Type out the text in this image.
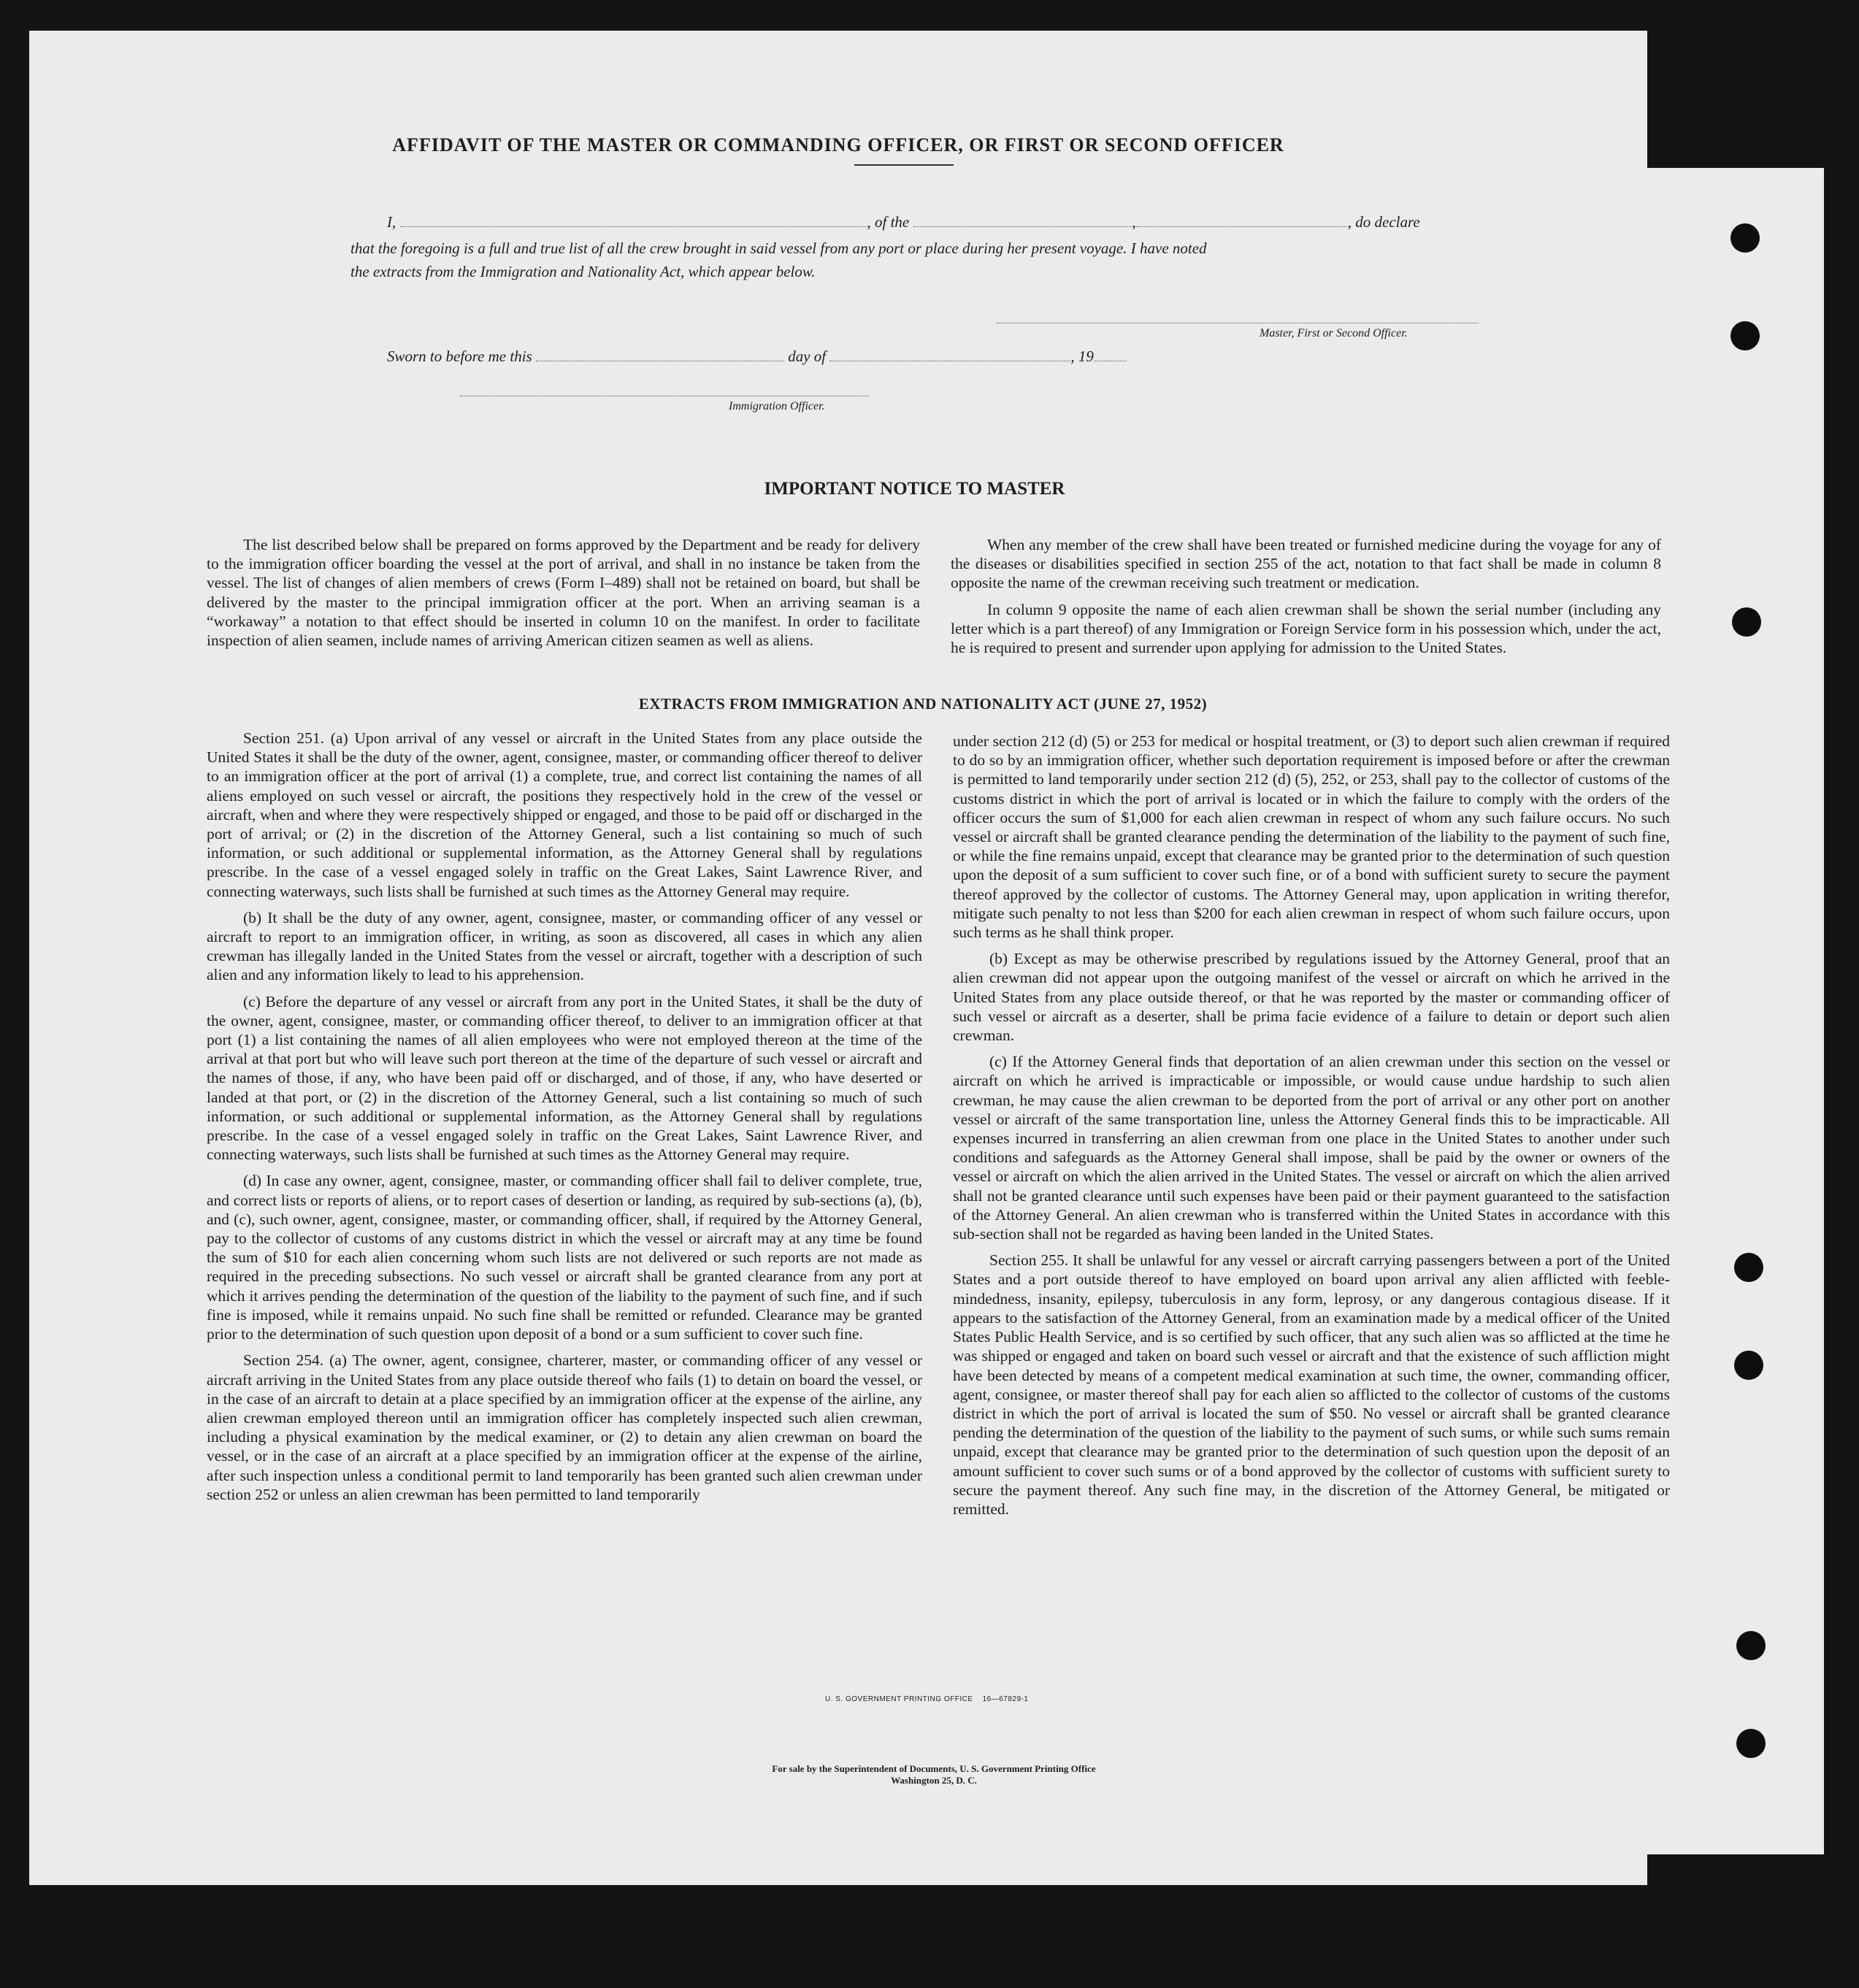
AFFIDAVIT OF THE MASTER OR COMMANDING OFFICER, OR FIRST OR SECOND OFFICER
I,	, of the	,	, do declare
that the foregoing is a full and true list of all the crew brought in said vessel from any port or place during her present voyage. I have noted
the extracts from the Immigration and Nationality Act, which appear below.
Master, First or Second Officer.
Sworn to before me this	day of	, 19
Immigration Officer.
IMPORTANT NOTICE TO MASTER

The list described below shall be prepared on forms approved by the Department and be ready for delivery to the immigration officer boarding the vessel at the port of arrival, and shall in no instance be taken from the vessel. The list of changes of alien members of crews (Form I–489) shall not be retained on board, but shall be delivered by the master to the principal immigration officer at the port. When an arriving seaman is a “workaway” a notation to that effect should be inserted in column 10 on the manifest. In order to facilitate inspection of alien seamen, include names of arriving American citizen seamen as well as aliens.

When any member of the crew shall have been treated or furnished medicine during the voyage for any of the diseases or disabilities specified in section 255 of the act, notation to that fact shall be made in column 8 opposite the name of the crewman receiving such treatment or medication.

In column 9 opposite the name of each alien crewman shall be shown the serial number (including any letter which is a part thereof) of any Immigration or Foreign Service form in his possession which, under the act, he is required to present and surrender upon applying for admission to the United States.

EXTRACTS FROM IMMIGRATION AND NATIONALITY ACT (JUNE 27, 1952)

Section 251. (a) Upon arrival of any vessel or aircraft in the United States from any place outside the United States it shall be the duty of the owner, agent, consignee, master, or commanding officer thereof to deliver to an immigration officer at the port of arrival (1) a complete, true, and correct list containing the names of all aliens employed on such vessel or aircraft, the positions they respectively hold in the crew of the vessel or aircraft, when and where they were respectively shipped or engaged, and those to be paid off or discharged in the port of arrival; or (2) in the discretion of the Attorney General, such a list containing so much of such information, or such additional or supplemental information, as the Attorney General shall by regulations prescribe. In the case of a vessel engaged solely in traffic on the Great Lakes, Saint Lawrence River, and connecting waterways, such lists shall be furnished at such times as the Attorney General may require.

(b) It shall be the duty of any owner, agent, consignee, master, or commanding officer of any vessel or aircraft to report to an immigration officer, in writing, as soon as discovered, all cases in which any alien crewman has illegally landed in the United States from the vessel or aircraft, together with a description of such alien and any information likely to lead to his apprehension.

(c) Before the departure of any vessel or aircraft from any port in the United States, it shall be the duty of the owner, agent, consignee, master, or commanding officer thereof, to deliver to an immigration officer at that port (1) a list containing the names of all alien employees who were not employed thereon at the time of the arrival at that port but who will leave such port thereon at the time of the departure of such vessel or aircraft and the names of those, if any, who have been paid off or discharged, and of those, if any, who have deserted or landed at that port, or (2) in the discretion of the Attorney General, such a list containing so much of such information, or such additional or supplemental information, as the Attorney General shall by regulations prescribe. In the case of a vessel engaged solely in traffic on the Great Lakes, Saint Lawrence River, and connecting waterways, such lists shall be furnished at such times as the Attorney General may require.

(d) In case any owner, agent, consignee, master, or commanding officer shall fail to deliver complete, true, and correct lists or reports of aliens, or to report cases of desertion or landing, as required by sub-sections (a), (b), and (c), such owner, agent, consignee, master, or commanding officer, shall, if required by the Attorney General, pay to the collector of customs of any customs district in which the vessel or aircraft may at any time be found the sum of $10 for each alien concerning whom such lists are not delivered or such reports are not made as required in the preceding subsections. No such vessel or aircraft shall be granted clearance from any port at which it arrives pending the determination of the question of the liability to the payment of such fine, and if such fine is imposed, while it remains unpaid. No such fine shall be remitted or refunded. Clearance may be granted prior to the determination of such question upon deposit of a bond or a sum sufficient to cover such fine.

Section 254. (a) The owner, agent, consignee, charterer, master, or commanding officer of any vessel or aircraft arriving in the United States from any place outside thereof who fails (1) to detain on board the vessel, or in the case of an aircraft to detain at a place specified by an immigration officer at the expense of the airline, any alien crewman employed thereon until an immigration officer has completely inspected such alien crewman, including a physical examination by the medical examiner, or (2) to detain any alien crewman on board the vessel, or in the case of an aircraft at a place specified by an immigration officer at the expense of the airline, after such inspection unless a conditional permit to land temporarily has been granted such alien crewman under section 252 or unless an alien crewman has been permitted to land temporarily

under section 212 (d) (5) or 253 for medical or hospital treatment, or (3) to deport such alien crewman if required to do so by an immigration officer, whether such deportation requirement is imposed before or after the crewman is permitted to land temporarily under section 212 (d) (5), 252, or 253, shall pay to the collector of customs of the customs district in which the port of arrival is located or in which the failure to comply with the orders of the officer occurs the sum of $1,000 for each alien crewman in respect of whom any such failure occurs. No such vessel or aircraft shall be granted clearance pending the determination of the liability to the payment of such fine, or while the fine remains unpaid, except that clearance may be granted prior to the determination of such question upon the deposit of a sum sufficient to cover such fine, or of a bond with sufficient surety to secure the payment thereof approved by the collector of customs. The Attorney General may, upon application in writing therefor, mitigate such penalty to not less than $200 for each alien crewman in respect of whom such failure occurs, upon such terms as he shall think proper.

(b) Except as may be otherwise prescribed by regulations issued by the Attorney General, proof that an alien crewman did not appear upon the outgoing manifest of the vessel or aircraft on which he arrived in the United States from any place outside thereof, or that he was reported by the master or commanding officer of such vessel or aircraft as a deserter, shall be prima facie evidence of a failure to detain or deport such alien crewman.

(c) If the Attorney General finds that deportation of an alien crewman under this section on the vessel or aircraft on which he arrived is impracticable or impossible, or would cause undue hardship to such alien crewman, he may cause the alien crewman to be deported from the port of arrival or any other port on another vessel or aircraft of the same transportation line, unless the Attorney General finds this to be impracticable. All expenses incurred in transferring an alien crewman from one place in the United States to another under such conditions and safeguards as the Attorney General shall impose, shall be paid by the owner or owners of the vessel or aircraft on which the alien arrived in the United States. The vessel or aircraft on which the alien arrived shall not be granted clearance until such expenses have been paid or their payment guaranteed to the satisfaction of the Attorney General. An alien crewman who is transferred within the United States in accordance with this sub-section shall not be regarded as having been landed in the United States.

Section 255. It shall be unlawful for any vessel or aircraft carrying passengers between a port of the United States and a port outside thereof to have employed on board upon arrival any alien afflicted with feeble-mindedness, insanity, epilepsy, tuberculosis in any form, leprosy, or any dangerous contagious disease. If it appears to the satisfaction of the Attorney General, from an examination made by a medical officer of the United States Public Health Service, and is so certified by such officer, that any such alien was so afflicted at the time he was shipped or engaged and taken on board such vessel or aircraft and that the existence of such affliction might have been detected by means of a competent medical examination at such time, the owner, commanding officer, agent, consignee, or master thereof shall pay for each alien so afflicted to the collector of customs of the customs district in which the port of arrival is located the sum of $50. No vessel or aircraft shall be granted clearance pending the determination of the question of the liability to the payment of such sums, or while such sums remain unpaid, except that clearance may be granted prior to the determination of such question upon the deposit of an amount sufficient to cover such sums or of a bond approved by the collector of customs with sufficient surety to secure the payment thereof. Any such fine may, in the discretion of the Attorney General, be mitigated or remitted.

U. S. GOVERNMENT PRINTING OFFICE    16—67829-1
For sale by the Superintendent of Documents, U. S. Government Printing Office
Washington 25, D. C.
